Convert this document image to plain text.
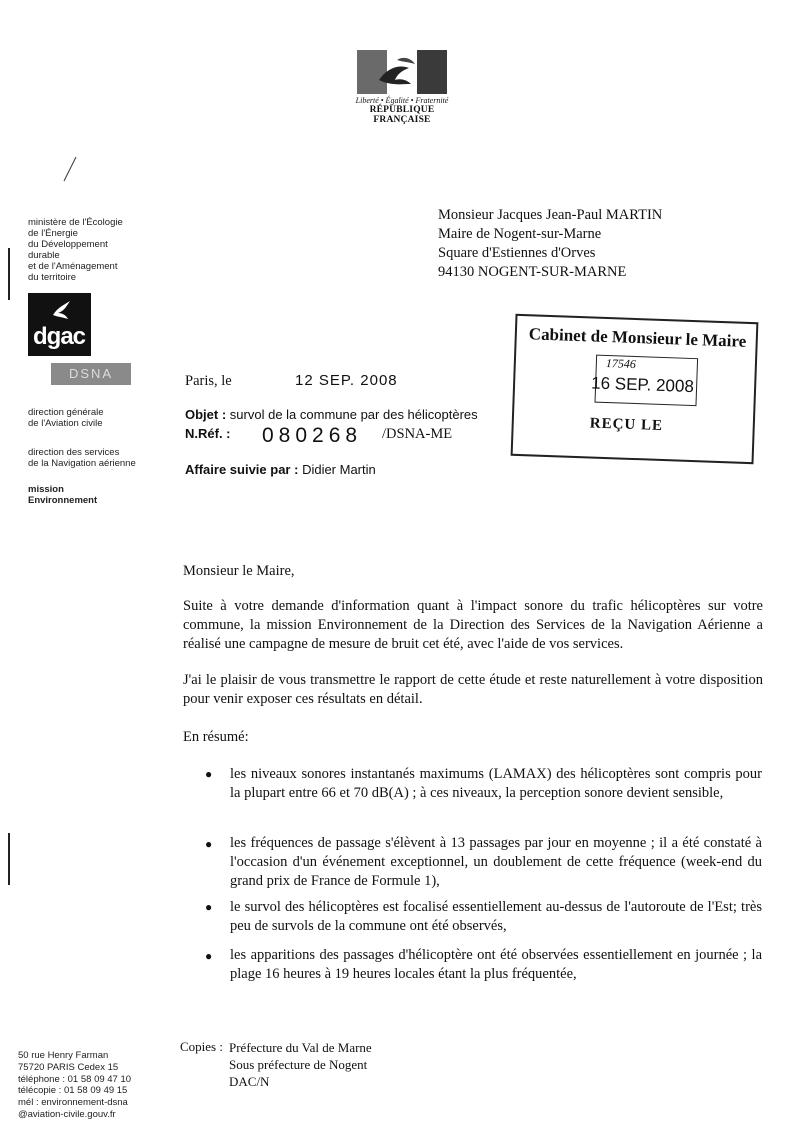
Liberté • Égalité • Fraternité
RÉPUBLIQUE FRANÇAISE
ministère de l'Écologie
de l'Énergie
du Développement
durable
et de l'Aménagement
du territoire
dgac
DSNA
direction générale
de l'Aviation civile
direction des services
de la Navigation aérienne
mission
Environnement
50 rue Henry Farman
75720 PARIS Cedex 15
téléphone : 01 58 09 47 10
télécopie : 01 58 09 49 15
mél : environnement-dsna
@aviation-civile.gouv.fr
Monsieur Jacques Jean-Paul MARTIN
Maire de Nogent-sur-Marne
Square d'Estiennes d'Orves
94130 NOGENT-SUR-MARNE
Cabinet de Monsieur le Maire
17546
16 SEP. 2008
REÇU LE
Paris, le	12 SEP. 2008
Objet : survol de la commune par des hélicoptères
N.Réf. : 080268 /DSNA-ME
Affaire suivie par : Didier Martin
Monsieur le Maire,
Suite à votre demande d'information quant à l'impact sonore du trafic hélicoptères sur votre commune, la mission Environnement de la Direction des Services de la Navigation Aérienne a réalisé une campagne de mesure de bruit cet été, avec l'aide de vos services.
J'ai le plaisir de vous transmettre le rapport de cette étude et reste naturellement à votre disposition pour venir exposer ces résultats en détail.
En résumé:
● les niveaux sonores instantanés maximums (LAMAX) des hélicoptères sont compris pour la plupart entre 66 et 70 dB(A) ; à ces niveaux, la perception sonore devient sensible,
● les fréquences de passage s'élèvent à 13 passages par jour en moyenne ; il a été constaté à l'occasion d'un événement exceptionnel, un doublement de cette fréquence (week-end du grand prix de France de Formule 1),
● le survol des hélicoptères est focalisé essentiellement au-dessus de l'autoroute de l'Est; très peu de survols de la commune ont été observés,
● les apparitions des passages d'hélicoptère ont été observées essentiellement en journée ; la plage 16 heures à 19 heures locales étant la plus fréquentée,
Copies : Préfecture du Val de Marne
Sous préfecture de Nogent
DAC/N
